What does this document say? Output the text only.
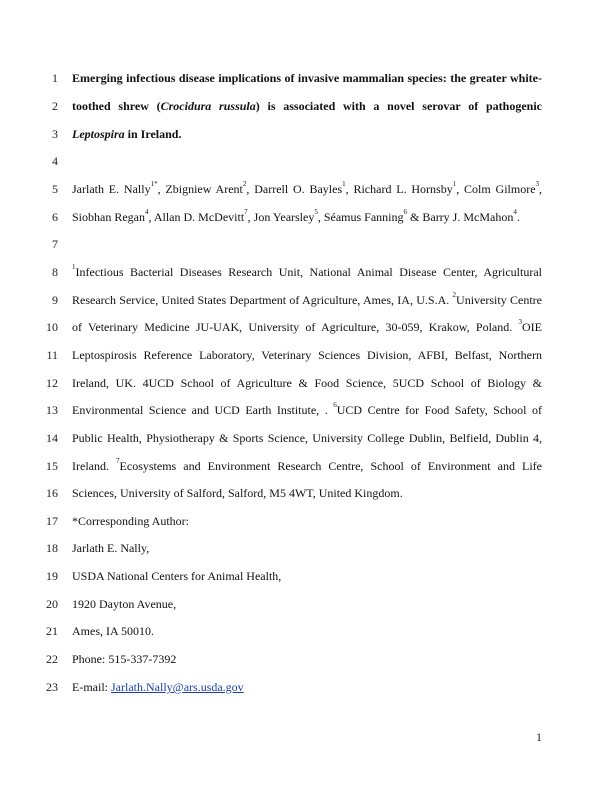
1
2
3
4
5
6
7
8
9
10
11
12
13
14
15
16
17
18
19
20
21
22
23
Emerging infectious disease implications of invasive mammalian species: the greater white-
toothed shrew (Crocidura russula) is associated with a novel serovar of pathogenic
Leptospira in Ireland.
Jarlath E. Nally$^{1*}$, Zbigniew Arent$^2$, Darrell O. Bayles$^1$, Richard L. Hornsby$^1$, Colm Gilmore$^3$,
Siobhan Regan$^4$, Allan D. McDevitt$^7$, Jon Yearsley$^5$, Séamus Fanning$^6$ & Barry J. McMahon$^4$.
$^1$Infectious Bacterial Diseases Research Unit, National Animal Disease Center, Agricultural
Research Service, United States Department of Agriculture, Ames, IA, U.S.A. $^2$University Centre
of Veterinary Medicine JU-UAK, University of Agriculture, 30-059, Krakow, Poland. $^3$OIE
Leptospirosis Reference Laboratory, Veterinary Sciences Division, AFBI, Belfast, Northern
Ireland, UK. 4UCD School of Agriculture & Food Science, 5UCD School of Biology &
Environmental Science and UCD Earth Institute, . $^6$UCD Centre for Food Safety, School of
Public Health, Physiotherapy & Sports Science, University College Dublin, Belfield, Dublin 4,
Ireland. $^7$Ecosystems and Environment Research Centre, School of Environment and Life
Sciences, University of Salford, Salford, M5 4WT, United Kingdom.
*Corresponding Author:
Jarlath E. Nally,
USDA National Centers for Animal Health,
1920 Dayton Avenue,
Ames, IA 50010.
Phone: 515-337-7392
E-mail: Jarlath.Nally@ars.usda.gov
1
